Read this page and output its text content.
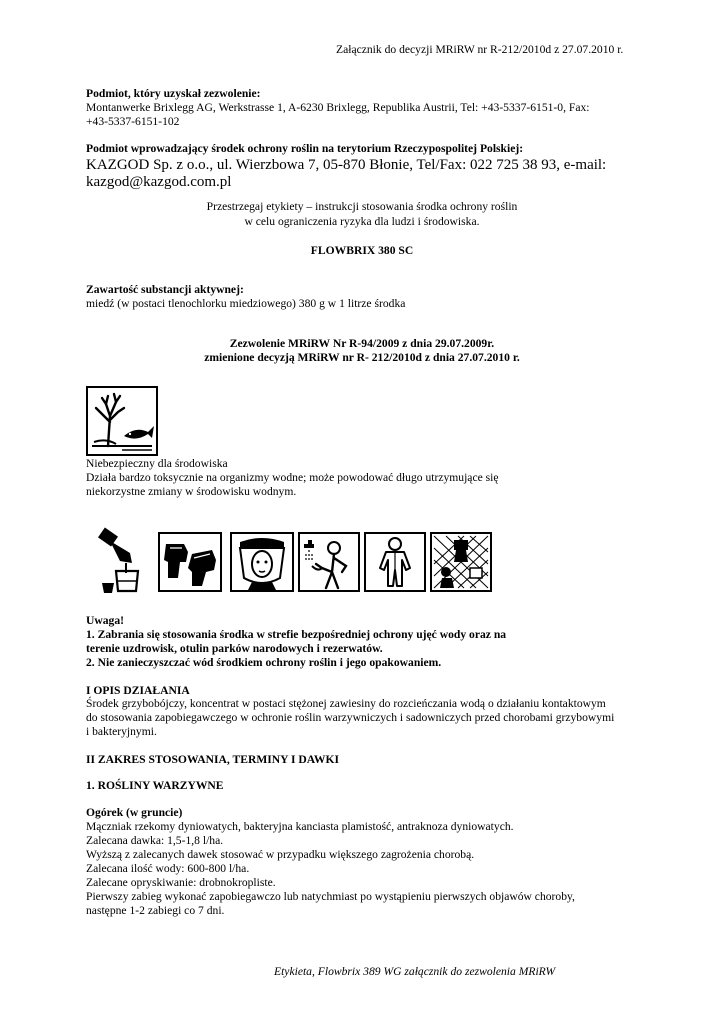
Załącznik do decyzji MRiRW nr R-212/2010d z 27.07.2010 r.
Podmiot, który uzyskał zezwolenie:
Montanwerke Brixlegg AG, Werkstrasse 1, A-6230 Brixlegg, Republika Austrii, Tel: +43-5337-6151-0, Fax:
+43-5337-6151-102
Podmiot wprowadzający środek ochrony roślin na terytorium Rzeczypospolitej Polskiej:
KAZGOD Sp. z o.o., ul. Wierzbowa 7, 05-870 Błonie, Tel/Fax: 022 725 38 93, e-mail:
kazgod@kazgod.com.pl
Przestrzegaj etykiety – instrukcji stosowania środka ochrony roślin
w celu ograniczenia ryzyka dla ludzi i środowiska.
FLOWBRIX 380 SC
Zawartość substancji aktywnej:
miedź (w postaci tlenochlorku miedziowego) 380 g w 1 litrze środka
Zezwolenie MRiRW Nr R-94/2009 z dnia 29.07.2009r.
zmienione decyzją MRiRW nr R- 212/2010d z dnia 27.07.2010 r.
Niebezpieczny dla środowiska
Działa bardzo toksycznie na organizmy wodne; może powodować długo utrzymujące się
niekorzystne zmiany w środowisku wodnym.
Uwaga!
1. Zabrania się stosowania środka w strefie bezpośredniej ochrony ujęć wody oraz na
terenie uzdrowisk, otulin parków narodowych i rezerwatów.
2. Nie zanieczyszczać wód środkiem ochrony roślin i jego opakowaniem.
I OPIS DZIAŁANIA
Środek grzybobójczy, koncentrat w postaci stężonej zawiesiny do rozcieńczania wodą o działaniu kontaktowym
do stosowania zapobiegawczego w ochronie roślin warzywniczych i sadowniczych przed chorobami grzybowymi
i bakteryjnymi.
II ZAKRES STOSOWANIA, TERMINY I DAWKI
1. ROŚLINY WARZYWNE
Ogórek (w gruncie)
Mączniak rzekomy dyniowatych, bakteryjna kanciasta plamistość, antraknoza dyniowatych.
Zalecana dawka: 1,5-1,8 l/ha.
Wyższą z zalecanych dawek stosować w przypadku większego zagrożenia chorobą.
Zalecana ilość wody: 600-800 l/ha.
Zalecane opryskiwanie: drobnokropliste.
Pierwszy zabieg wykonać zapobiegawczo lub natychmiast po wystąpieniu pierwszych objawów choroby,
następne 1-2 zabiegi co 7 dni.
Etykieta, Flowbrix 389 WG załącznik do zezwolenia MRiRW
